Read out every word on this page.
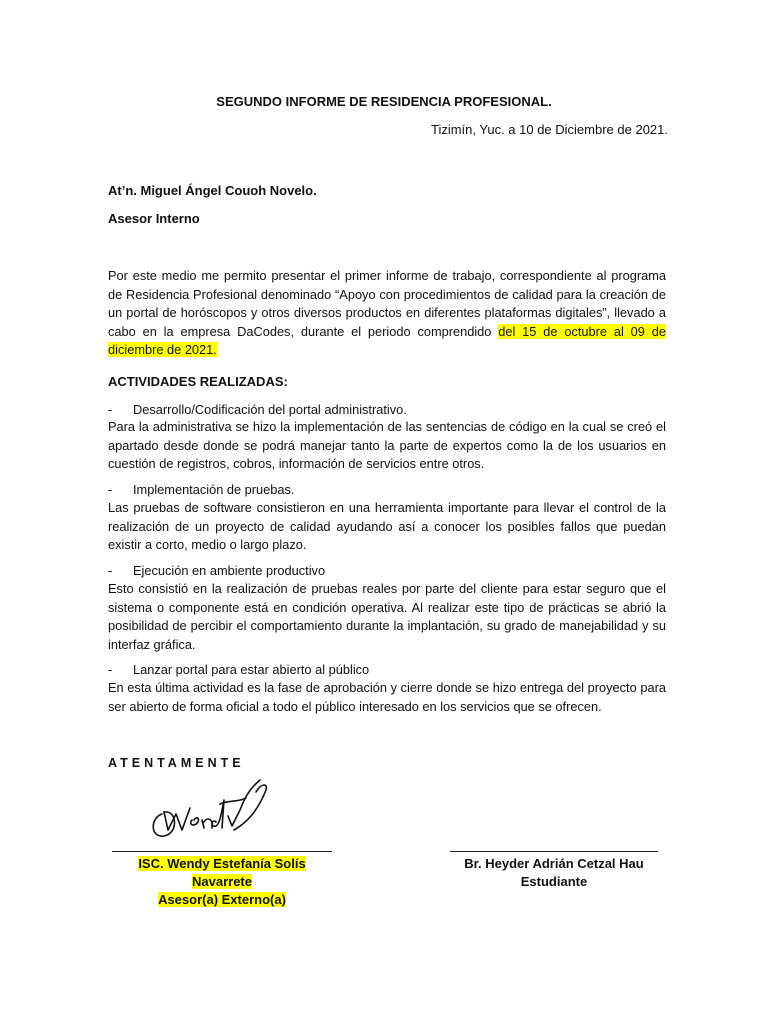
SEGUNDO INFORME DE RESIDENCIA PROFESIONAL.
Tizimín, Yuc. a 10 de Diciembre de 2021.
At’n. Miguel Ángel Couoh Novelo.
Asesor Interno
Por este medio me permito presentar el primer informe de trabajo, correspondiente al programa de Residencia Profesional denominado “Apoyo con procedimientos de calidad para la creación de un portal de horóscopos y otros diversos productos en diferentes plataformas digitales”, llevado a cabo en la empresa DaCodes, durante el periodo comprendido del 15 de octubre al 09 de diciembre de 2021.
ACTIVIDADES REALIZADAS:
- Desarrollo/Codificación del portal administrativo.
Para la administrativa se hizo la implementación de las sentencias de código en la cual se creó el apartado desde donde se podrá manejar tanto la parte de expertos como la de los usuarios en cuestión de registros, cobros, información de servicios entre otros.
- Implementación de pruebas.
Las pruebas de software consistieron en una herramienta importante para llevar el control de la realización de un proyecto de calidad ayudando así a conocer los posibles fallos que puedan existir a corto, medio o largo plazo.
- Ejecución en ambiente productivo
Esto consistió en la realización de pruebas reales por parte del cliente para estar seguro que el sistema o componente está en condición operativa. Al realizar este tipo de prácticas se abrió la posibilidad de percibir el comportamiento durante la implantación, su grado de manejabilidad y su interfaz gráfica.
- Lanzar portal para estar abierto al público
En esta última actividad es la fase de aprobación y cierre donde se hizo entrega del proyecto para ser abierto de forma oficial a todo el público interesado en los servicios que se ofrecen.
ATENTAMENTE
ISC. Wendy Estefanía Solís Navarrete
Asesor(a) Externo(a)
Br. Heyder Adrián Cetzal Hau
Estudiante
